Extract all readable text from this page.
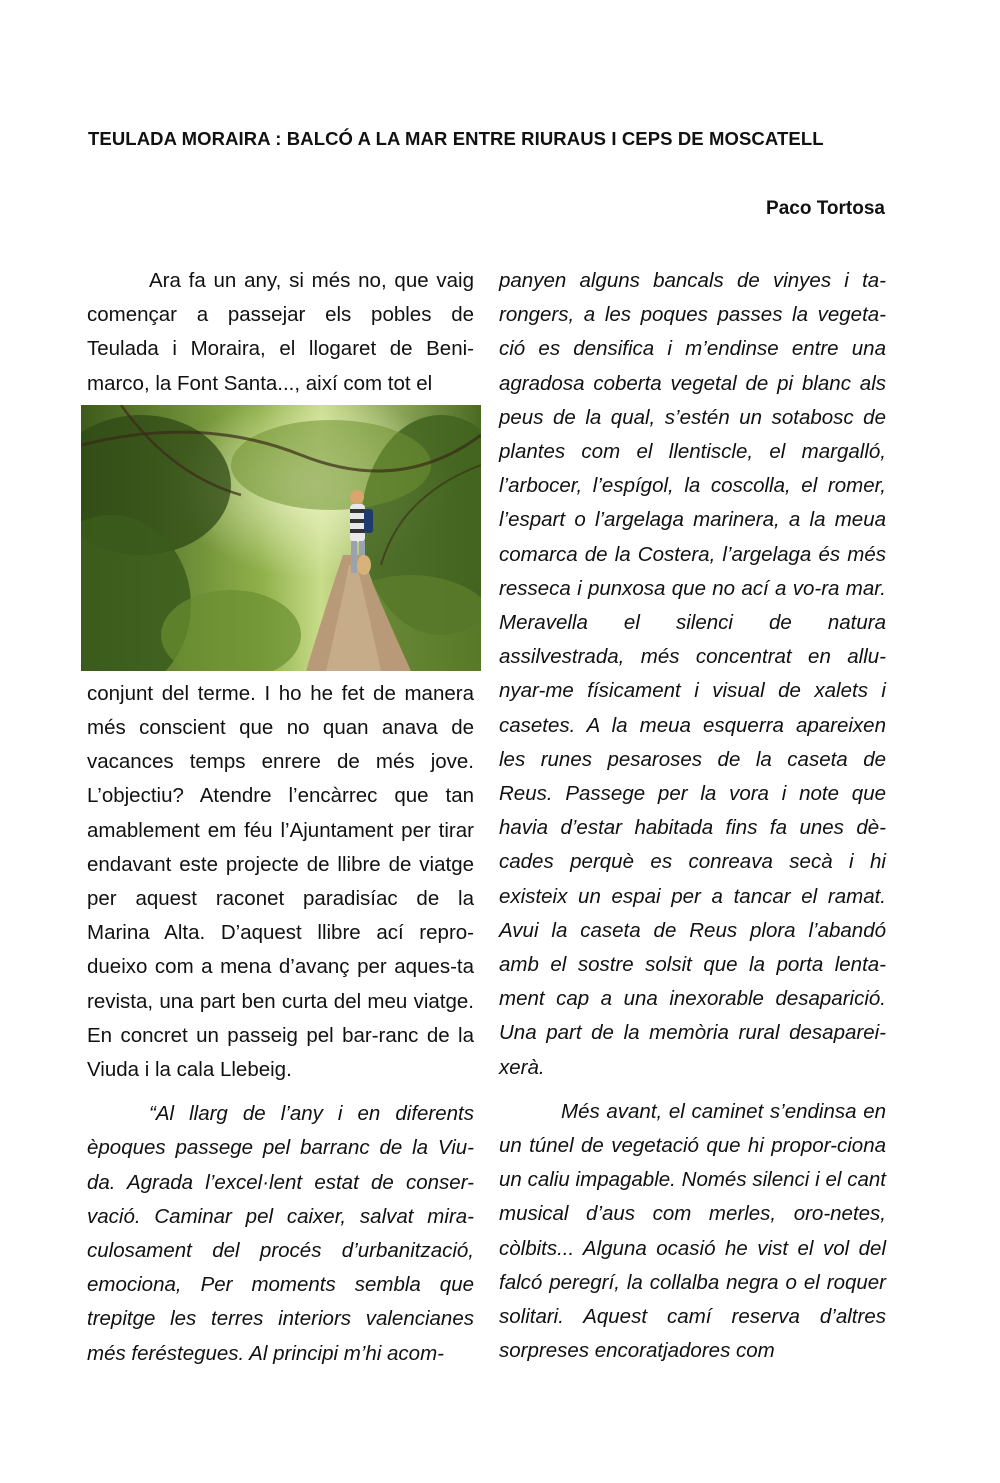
TEULADA MORAIRA : BALCÓ A LA MAR ENTRE RIURAUS I CEPS DE MOSCATELL
Paco Tortosa

Ara fa un any, si més no, que vaig començar a passejar els pobles de Teulada i Moraira, el llogaret de Beni-marco, la Font Santa..., així com tot el

conjunt del terme. I ho he fet de manera més conscient que no quan anava de vacances temps enrere de més jove. L’objectiu? Atendre l’encàrrec que tan amablement em féu l’Ajuntament per tirar endavant este projecte de llibre de viatge per aquest raconet paradisíac de la Marina Alta. D’aquest llibre ací repro-dueixo com a mena d’avanç per aques-ta revista, una part ben curta del meu viatge. En concret un passeig pel bar-ranc de la Viuda i la cala Llebeig.

“Al llarg de l’any i en diferents èpoques passege pel barranc de la Viu-da. Agrada l’excel·lent estat de conser-vació. Caminar pel caixer, salvat mira-culosament del procés d’urbanització, emociona, Per moments sembla que trepitge les terres interiors valencianes més feréstegues. Al principi m’hi acom-

panyen alguns bancals de vinyes i ta-rongers, a les poques passes la vegeta-ció es densifica i m’endinse entre una agradosa coberta vegetal de pi blanc als peus de la qual, s’estén un sotabosc de plantes com el llentiscle, el margalló, l’arbocer, l’espígol, la coscolla, el romer, l’espart o l’argelaga marinera, a la meua comarca de la Costera, l’argelaga és més resseca i punxosa que no ací a vo-ra mar. Meravella el silenci de natura assilvestrada, més concentrat en allu-nyar-me físicament i visual de xalets i casetes. A la meua esquerra apareixen les runes pesaroses de la caseta de Reus. Passege per la vora i note que havia d’estar habitada fins fa unes dè-cades perquè es conreava secà i hi existeix un espai per a tancar el ramat. Avui la caseta de Reus plora l’abandó amb el sostre solsit que la porta lenta-ment cap a una inexorable desaparició. Una part de la memòria rural desaparei-xerà.

Més avant, el caminet s’endinsa en un túnel de vegetació que hi propor-ciona un caliu impagable. Només silenci i el cant musical d’aus com merles, oro-netes, còlbits... Alguna ocasió he vist el vol del falcó peregrí, la collalba negra o el roquer solitari. Aquest camí reserva d’altres sorpreses encoratjadores com
